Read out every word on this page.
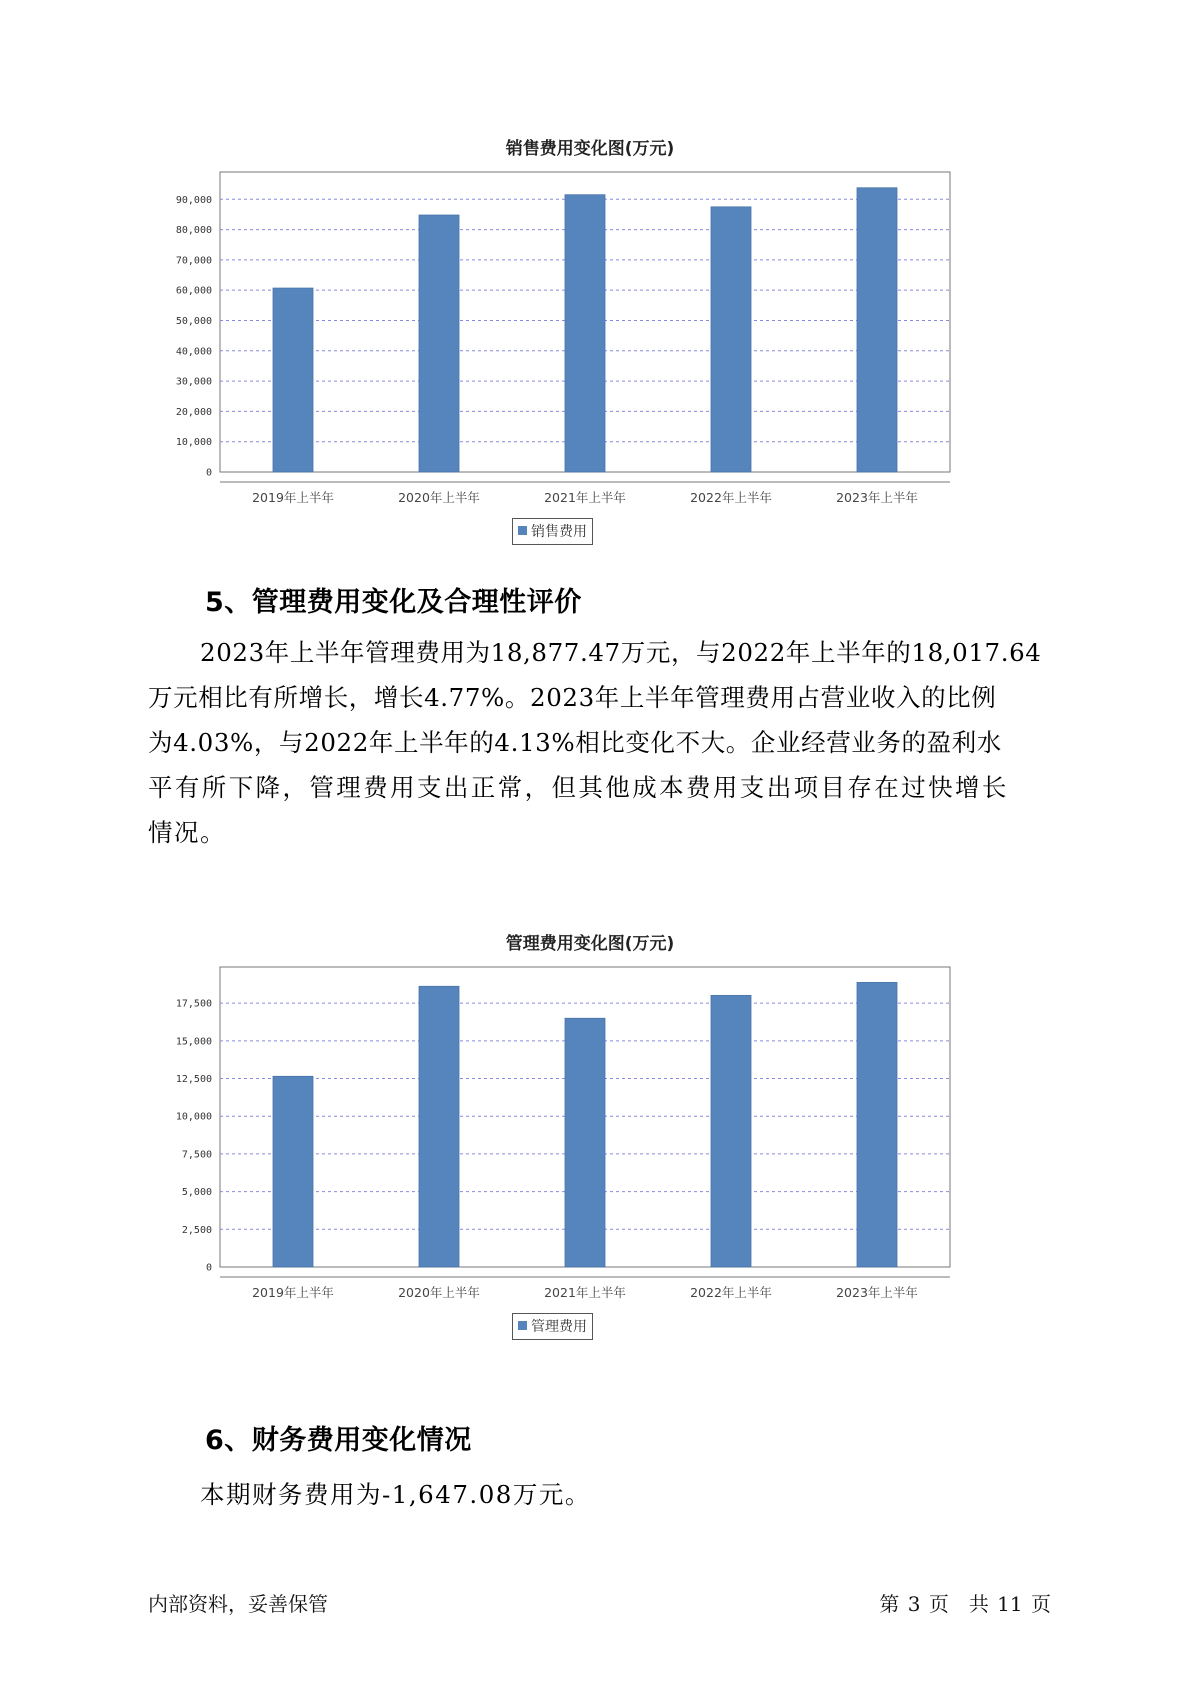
销售费用变化图(万元)
0
10,000
20,000
30,000
40,000
50,000
60,000
70,000
80,000
90,000
2019年上半年	2020年上半年	2021年上半年	2022年上半年	2023年上半年
销售费用
5、管理费用变化及合理性评价
2023年上半年管理费用为18,877.47万元，与2022年上半年的18,017.64
万元相比有所增长，增长4.77%。2023年上半年管理费用占营业收入的比例
为4.03%，与2022年上半年的4.13%相比变化不大。企业经营业务的盈利水
平有所下降，管理费用支出正常，但其他成本费用支出项目存在过快增长
情况。
管理费用变化图(万元)
0
2,500
5,000
7,500
10,000
12,500
15,000
17,500
2019年上半年	2020年上半年	2021年上半年	2022年上半年	2023年上半年
管理费用
6、财务费用变化情况
本期财务费用为-1,647.08万元。
内部资料，妥善保管	第 3 页　共 11 页
